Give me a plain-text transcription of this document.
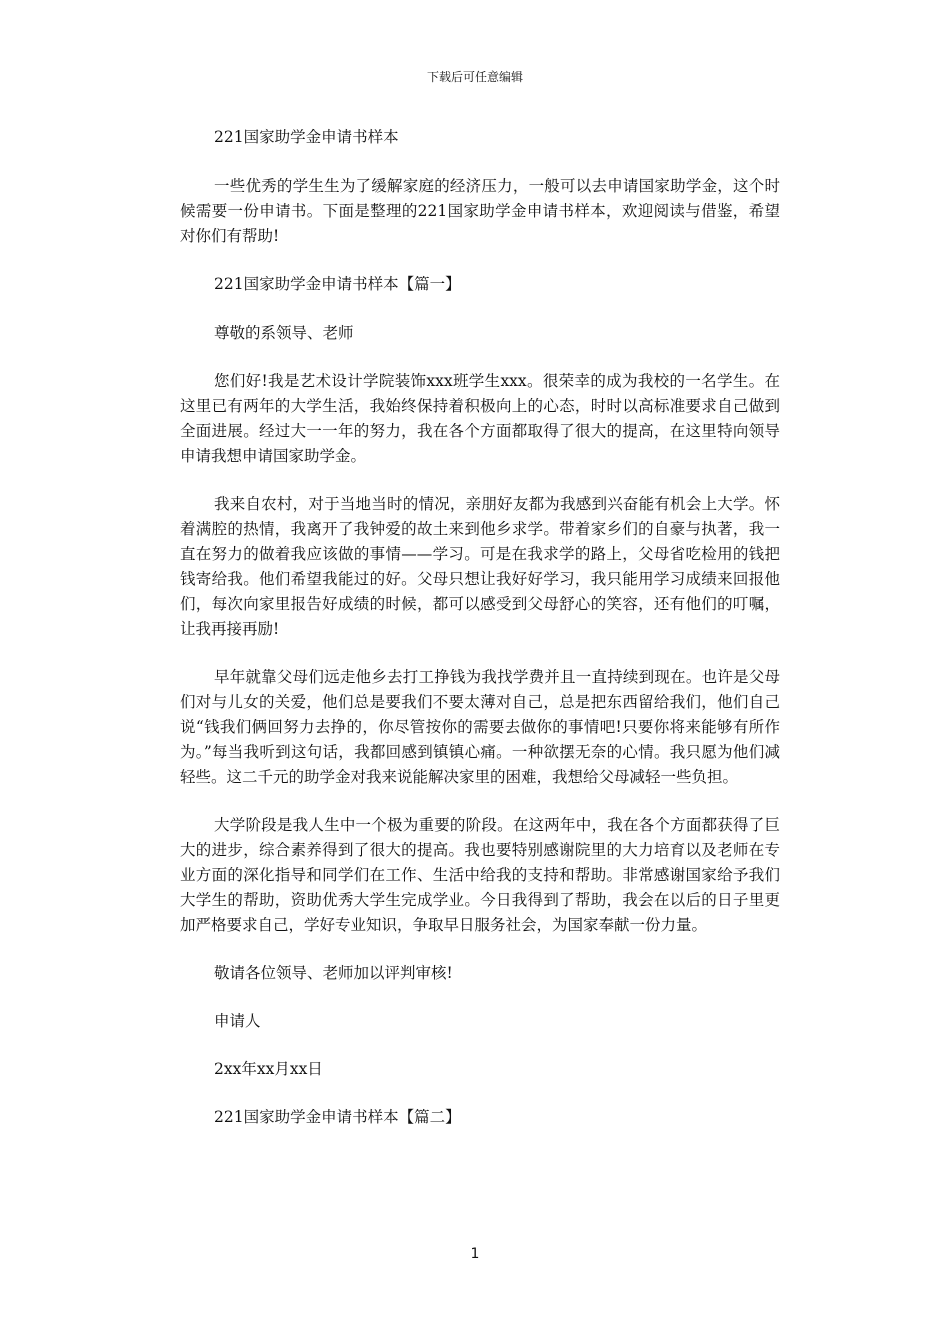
下载后可任意编辑

221国家助学金申请书样本

一些优秀的学生生为了缓解家庭的经济压力，一般可以去申请国家助学金，这个时候需要一份申请书。下面是整理的221国家助学金申请书样本，欢迎阅读与借鉴，希望对你们有帮助!

221国家助学金申请书样本【篇一】

尊敬的系领导、老师

您们好!我是艺术设计学院装饰xxx班学生xxx。很荣幸的成为我校的一名学生。在这里已有两年的大学生活，我始终保持着积极向上的心态，时时以高标准要求自己做到全面进展。经过大一一年的努力，我在各个方面都取得了很大的提高，在这里特向领导申请我想申请国家助学金。

我来自农村，对于当地当时的情况，亲朋好友都为我感到兴奋能有机会上大学。怀着满腔的热情，我离开了我钟爱的故土来到他乡求学。带着家乡们的自豪与执著，我一直在努力的做着我应该做的事情——学习。可是在我求学的路上，父母省吃检用的钱把钱寄给我。他们希望我能过的好。父母只想让我好好学习，我只能用学习成绩来回报他们，每次向家里报告好成绩的时候，都可以感受到父母舒心的笑容，还有他们的叮嘱，让我再接再励!

早年就靠父母们远走他乡去打工挣钱为我找学费并且一直持续到现在。也许是父母们对与儿女的关爱，他们总是要我们不要太薄对自己，总是把东西留给我们，他们自己说“钱我们俩回努力去挣的，你尽管按你的需要去做你的事情吧!只要你将来能够有所作为。”每当我听到这句话，我都回感到镇镇心痛。一种欲摆无奈的心情。我只愿为他们减轻些。这二千元的助学金对我来说能解决家里的困难，我想给父母减轻一些负担。

大学阶段是我人生中一个极为重要的阶段。在这两年中，我在各个方面都获得了巨大的进步，综合素养得到了很大的提高。我也要特别感谢院里的大力培育以及老师在专业方面的深化指导和同学们在工作、生活中给我的支持和帮助。非常感谢国家给予我们大学生的帮助，资助优秀大学生完成学业。今日我得到了帮助，我会在以后的日子里更加严格要求自己，学好专业知识，争取早日服务社会，为国家奉献一份力量。

敬请各位领导、老师加以评判审核!

申请人

2xx年xx月xx日

221国家助学金申请书样本【篇二】

1
